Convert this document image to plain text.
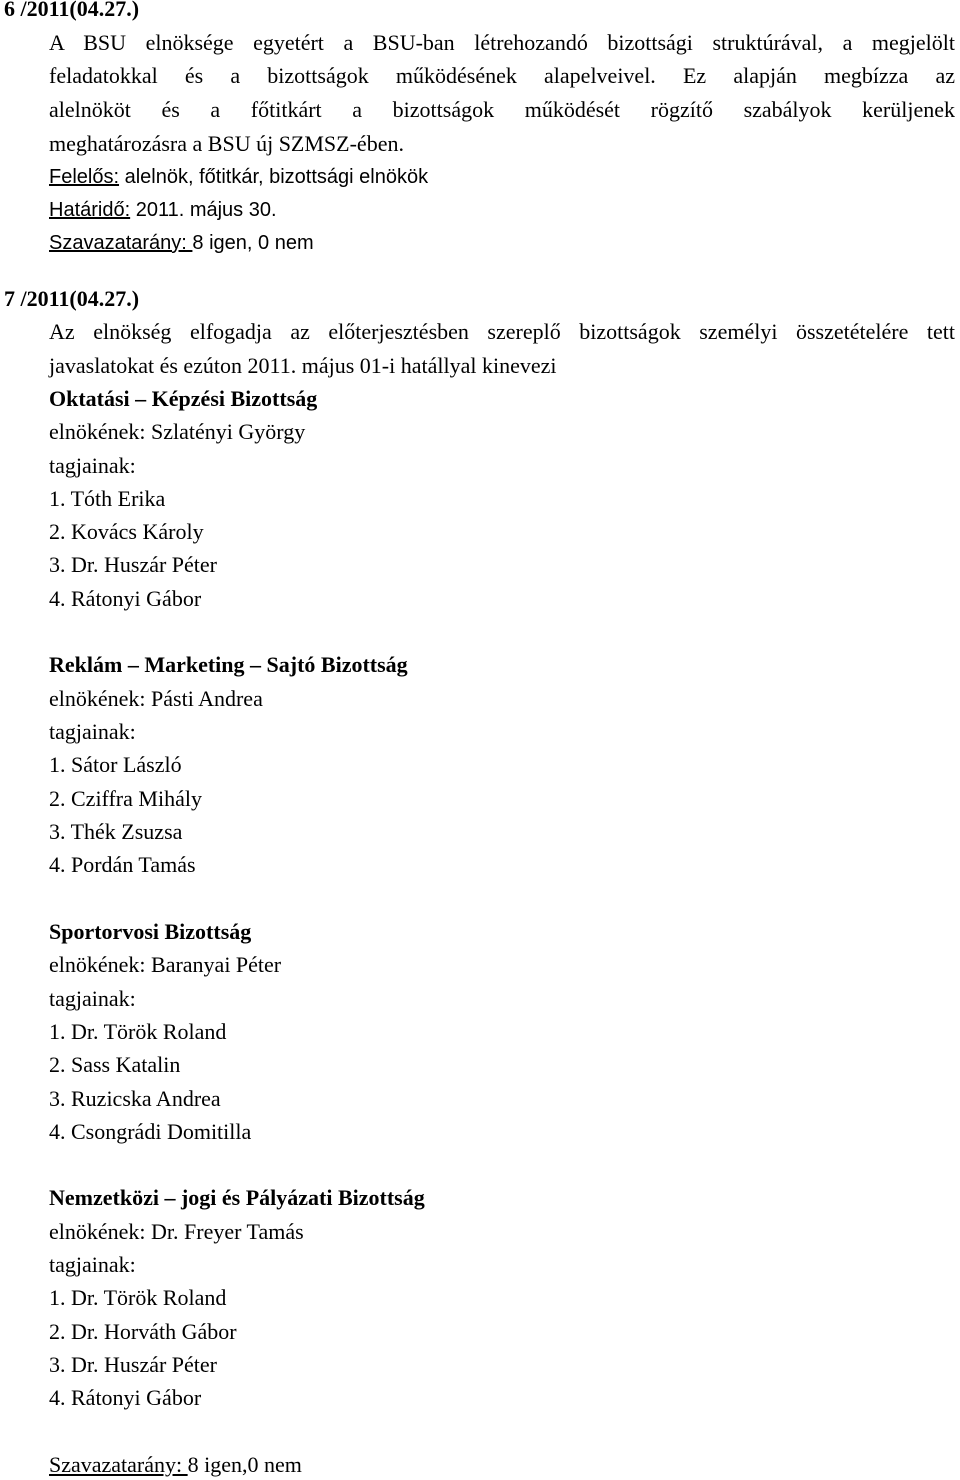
6 /2011(04.27.)
A BSU elnöksége egyetért a BSU-ban létrehozandó bizottsági struktúrával, a megjelölt
feladatokkal és a bizottságok működésének alapelveivel. Ez alapján megbízza az
alelnököt és a főtitkárt a bizottságok működését rögzítő szabályok kerüljenek
meghatározásra a BSU új SZMSZ-ében.
Felelős: alelnök, főtitkár, bizottsági elnökök
Határidő: 2011. május 30.
Szavazatarány: 8 igen, 0 nem
7 /2011(04.27.)
Az elnökség elfogadja az előterjesztésben szereplő bizottságok személyi összetételére tett
javaslatokat és ezúton 2011. május 01-i hatállyal kinevezi
Oktatási – Képzési Bizottság
elnökének: Szlatényi György
tagjainak:
1. Tóth Erika
2. Kovács Károly
3. Dr. Huszár Péter
4. Rátonyi Gábor
Reklám – Marketing – Sajtó Bizottság
elnökének: Pásti Andrea
tagjainak:
1. Sátor László
2. Cziffra Mihály
3. Thék Zsuzsa
4. Pordán Tamás
Sportorvosi Bizottság
elnökének: Baranyai Péter
tagjainak:
1. Dr. Török Roland
2. Sass Katalin
3. Ruzicska Andrea
4. Csongrádi Domitilla
Nemzetközi – jogi és Pályázati Bizottság
elnökének: Dr. Freyer Tamás
tagjainak:
1. Dr. Török Roland
2. Dr. Horváth Gábor
3. Dr. Huszár Péter
4. Rátonyi Gábor
Szavazatarány: 8 igen,0 nem
